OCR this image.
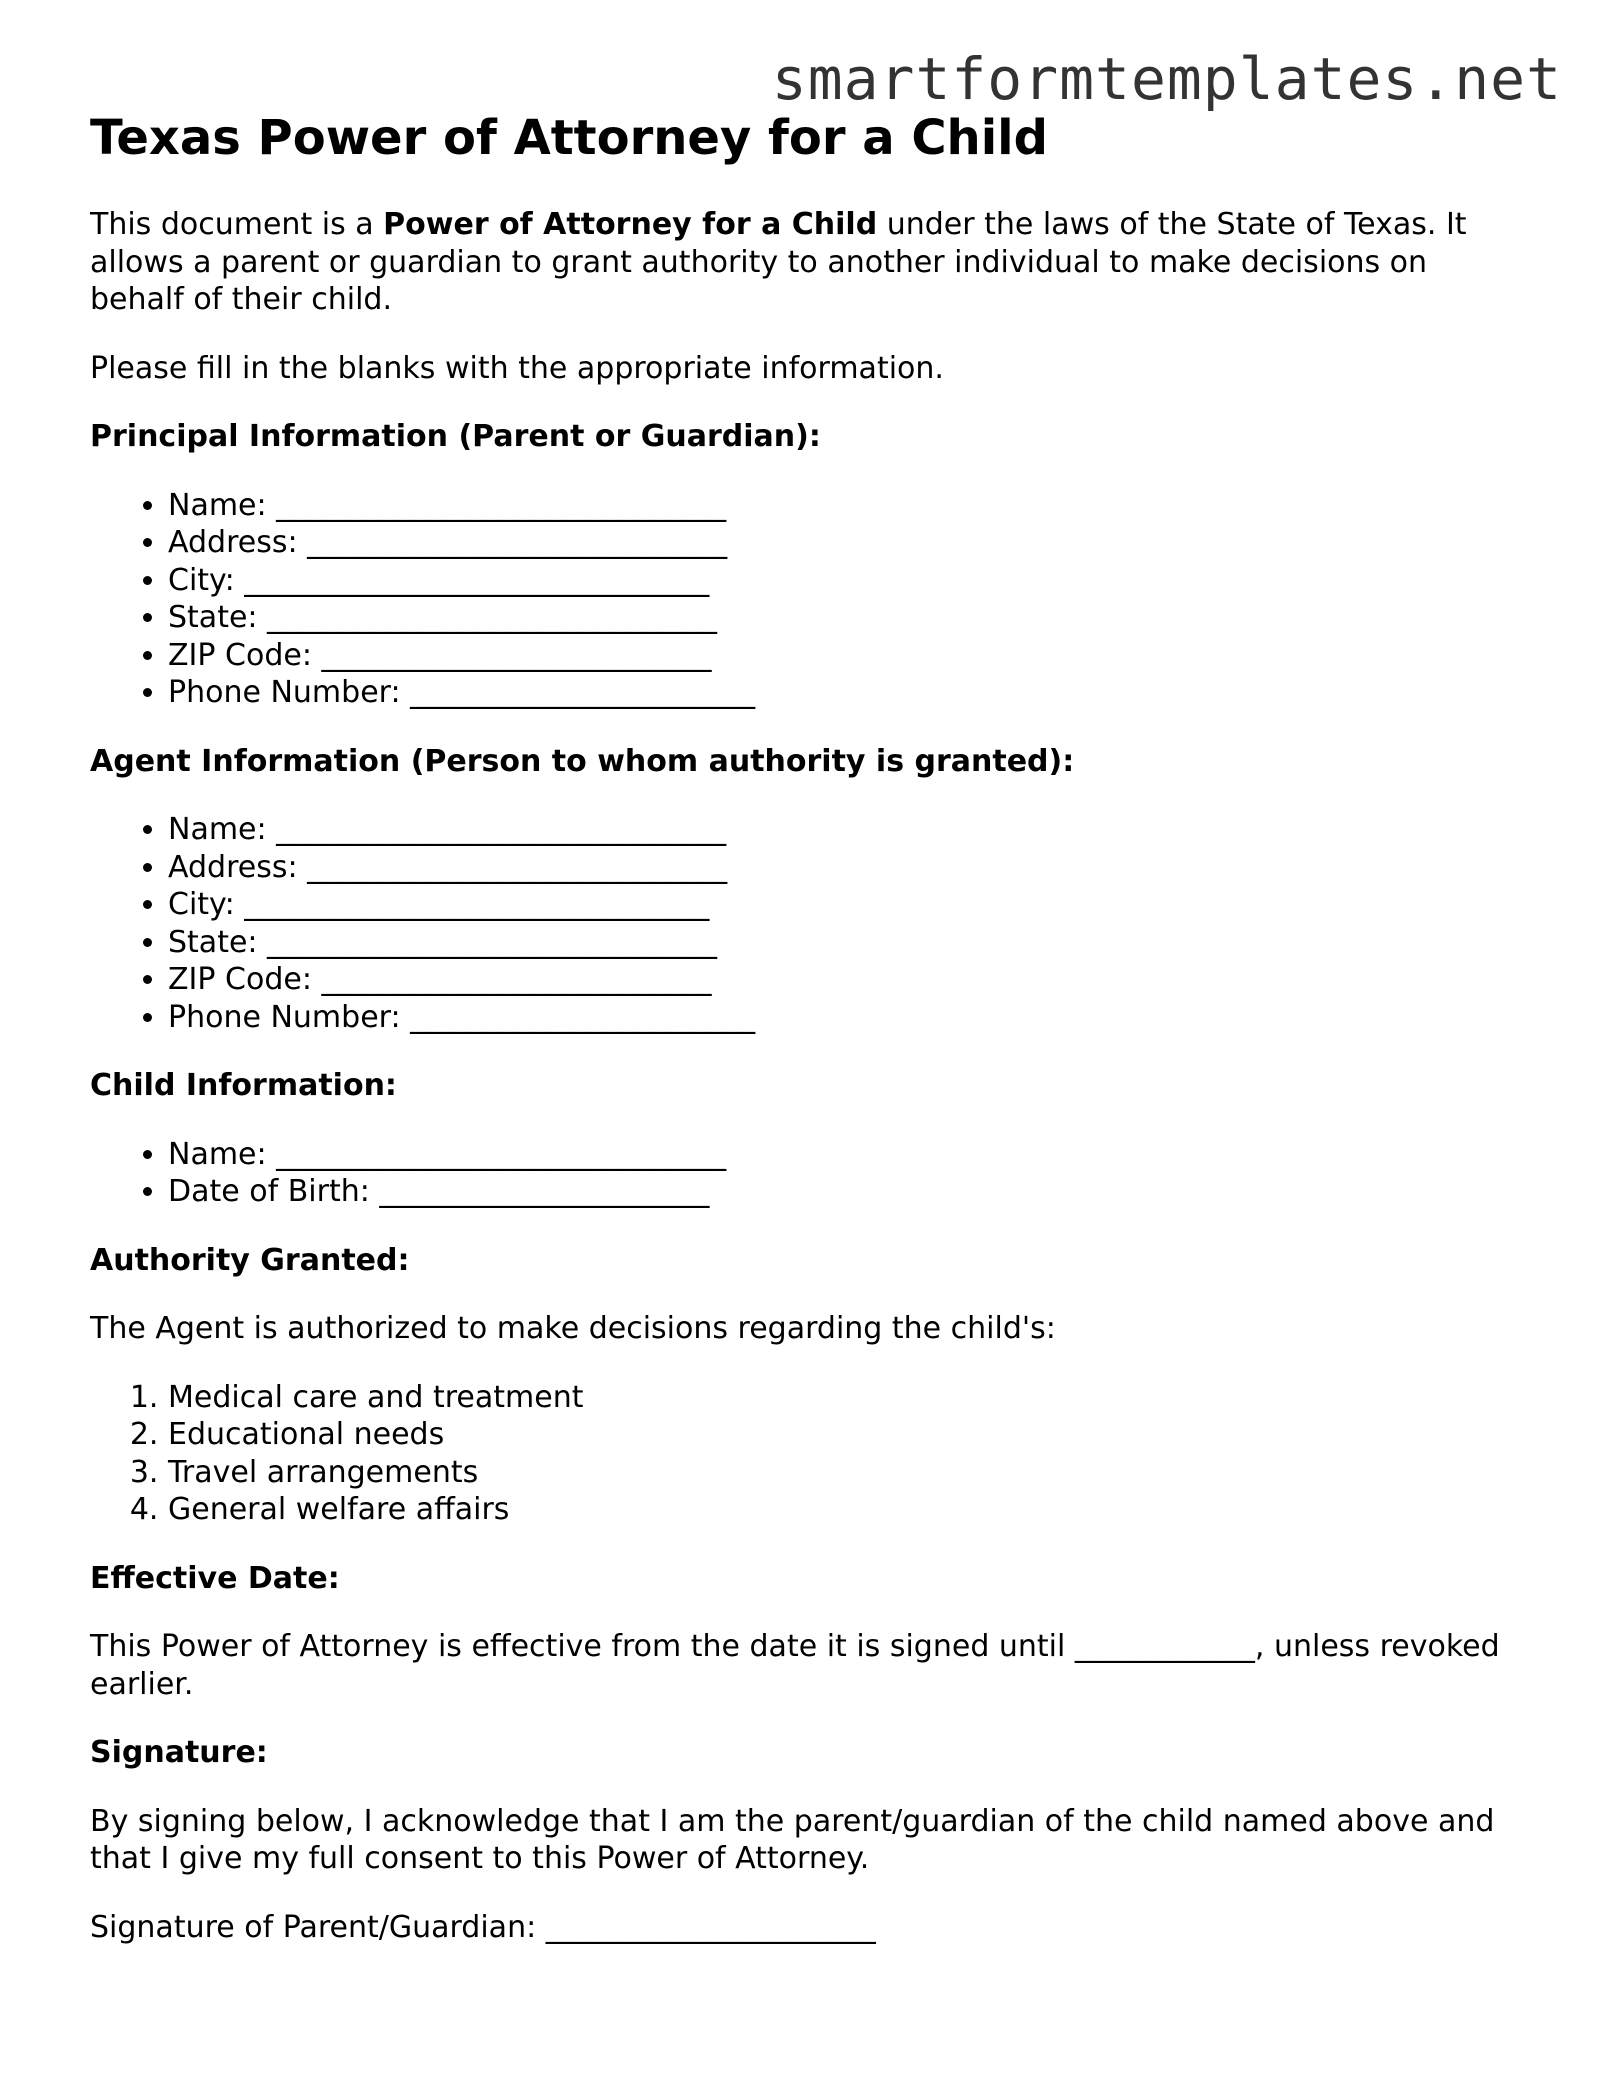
smartformtemplates.net
Texas Power of Attorney for a Child

This document is a Power of Attorney for a Child under the laws of the State of Texas. It allows a parent or guardian to grant authority to another individual to make decisions on behalf of their child.

Please fill in the blanks with the appropriate information.

Principal Information (Parent or Guardian):
• Name: ______________________________
• Address: ____________________________
• City: _______________________________
• State: ______________________________
• ZIP Code: __________________________
• Phone Number: _______________________
Agent Information (Person to whom authority is granted):
• Name: ______________________________
• Address: ____________________________
• City: _______________________________
• State: ______________________________
• ZIP Code: __________________________
• Phone Number: _______________________
Child Information:
• Name: ______________________________
• Date of Birth: ______________________
Authority Granted:

The Agent is authorized to make decisions regarding the child's:

1. Medical care and treatment
2. Educational needs
3. Travel arrangements
4. General welfare affairs
Effective Date:

This Power of Attorney is effective from the date it is signed until ____________, unless revoked earlier.

Signature:

By signing below, I acknowledge that I am the parent/guardian of the child named above and that I give my full consent to this Power of Attorney.

Signature of Parent/Guardian: ______________________
